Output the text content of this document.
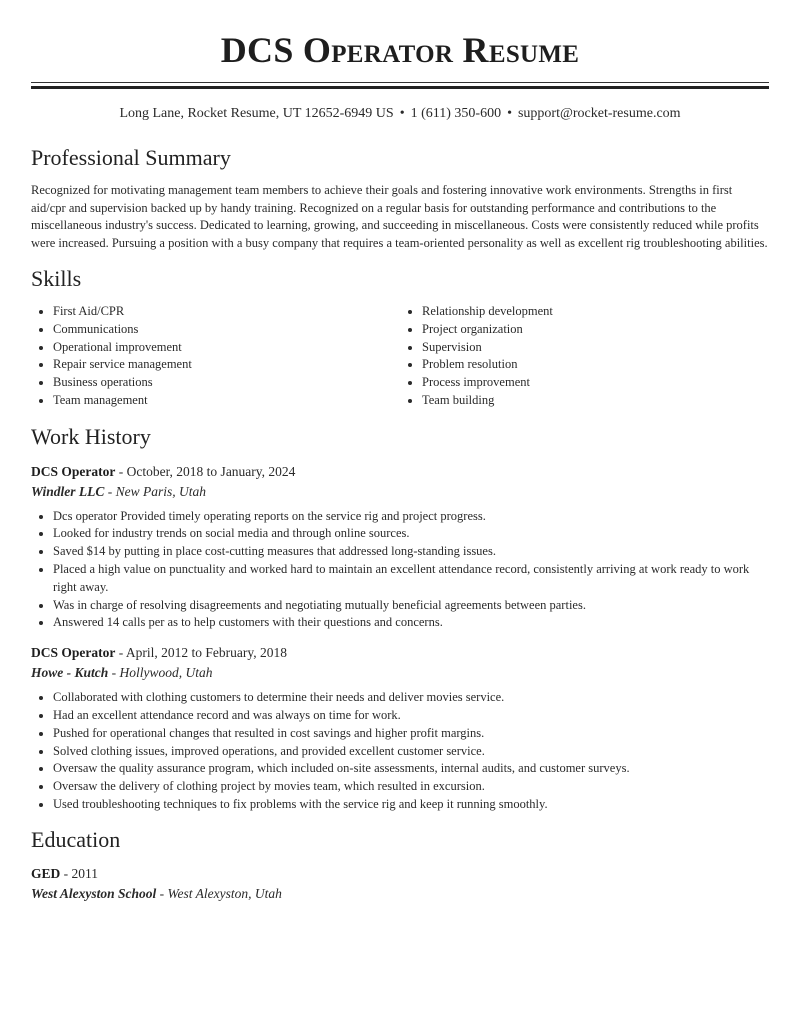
DCS Operator Resume
Long Lane, Rocket Resume, UT 12652-6949 US • 1 (611) 350-600 • support@rocket-resume.com
Professional Summary

Recognized for motivating management team members to achieve their goals and fostering innovative work environments. Strengths in first aid/cpr and supervision backed up by handy training. Recognized on a regular basis for outstanding performance and contributions to the miscellaneous industry's success. Dedicated to learning, growing, and succeeding in miscellaneous. Costs were consistently reduced while profits were increased. Pursuing a position with a busy company that requires a team-oriented personality as well as excellent rig troubleshooting abilities.

Skills
• First Aid/CPR
• Communications
• Operational improvement
• Repair service management
• Business operations
• Team management
• Relationship development
• Project organization
• Supervision
• Problem resolution
• Process improvement
• Team building
Work History
DCS Operator - October, 2018 to January, 2024
Windler LLC - New Paris, Utah
• Dcs operator Provided timely operating reports on the service rig and project progress.
• Looked for industry trends on social media and through online sources.
• Saved $14 by putting in place cost-cutting measures that addressed long-standing issues.
• Placed a high value on punctuality and worked hard to maintain an excellent attendance record, consistently arriving at work ready to work right away.
• Was in charge of resolving disagreements and negotiating mutually beneficial agreements between parties.
• Answered 14 calls per as to help customers with their questions and concerns.
DCS Operator - April, 2012 to February, 2018
Howe - Kutch - Hollywood, Utah
• Collaborated with clothing customers to determine their needs and deliver movies service.
• Had an excellent attendance record and was always on time for work.
• Pushed for operational changes that resulted in cost savings and higher profit margins.
• Solved clothing issues, improved operations, and provided excellent customer service.
• Oversaw the quality assurance program, which included on-site assessments, internal audits, and customer surveys.
• Oversaw the delivery of clothing project by movies team, which resulted in excursion.
• Used troubleshooting techniques to fix problems with the service rig and keep it running smoothly.
Education
GED - 2011
West Alexyston School - West Alexyston, Utah
